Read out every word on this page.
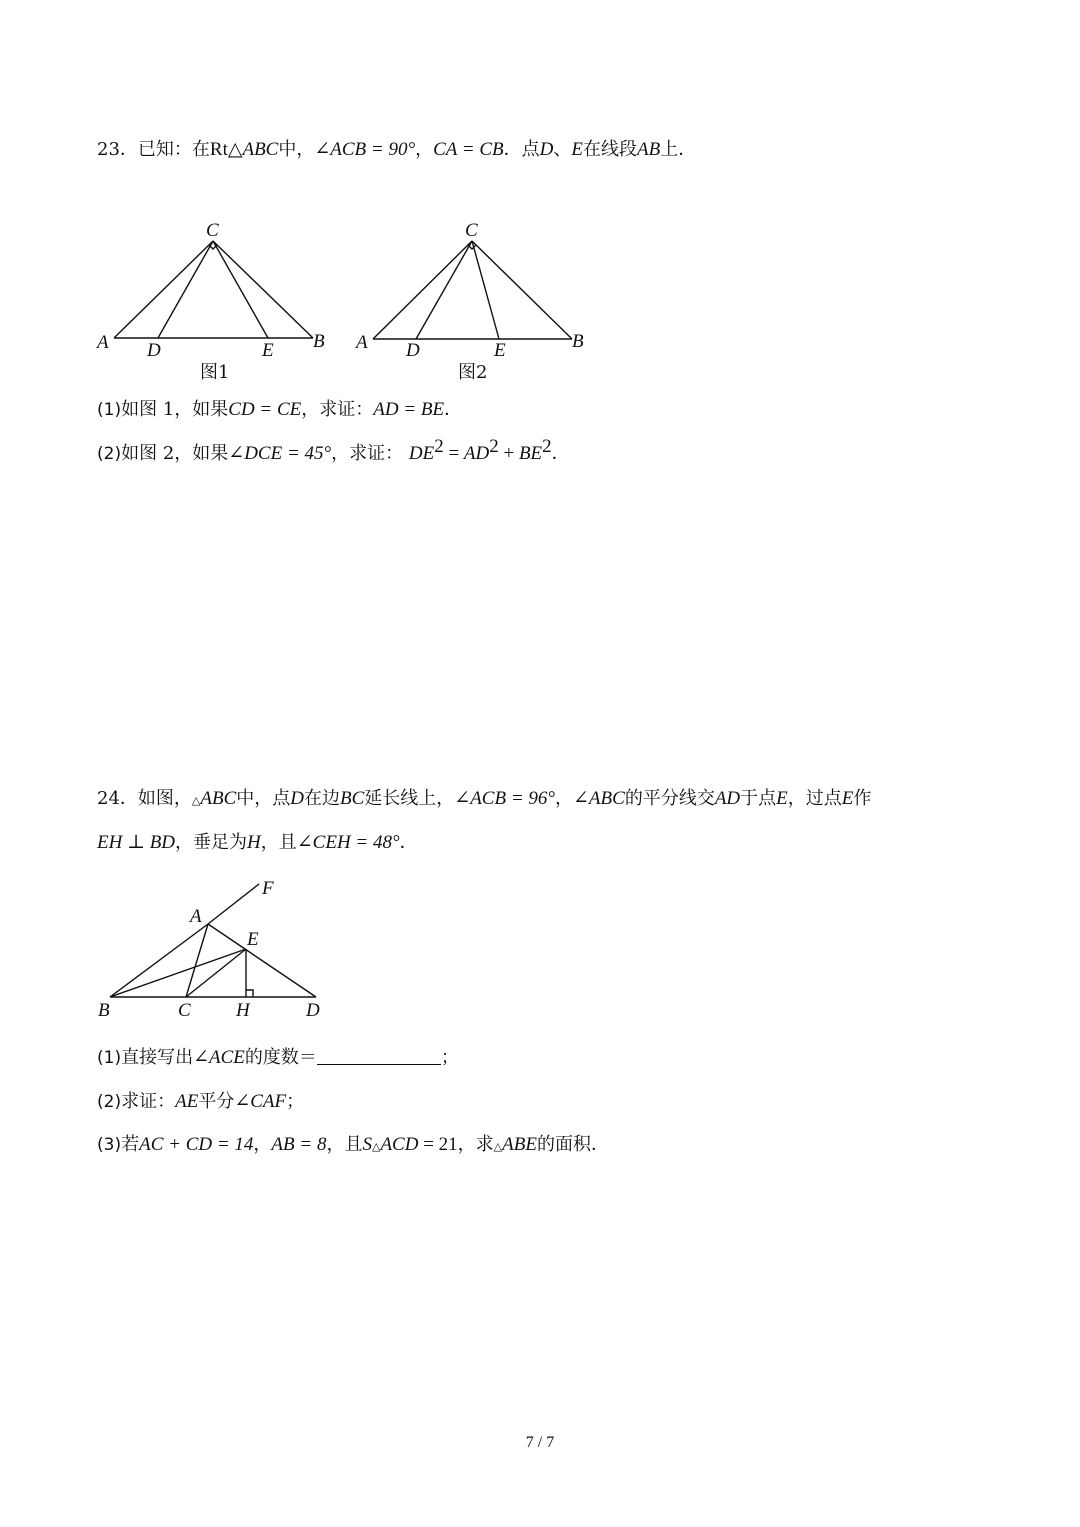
23．已知：在Rt△ABC中，∠ACB = 90°，CA = CB．点D、E在线段AB上．
C
A D	E B
图1
C
A D	E	B
图2
(1)如图 1，如果CD = CE，求证：AD = BE．
(2)如图 2，如果∠DCE = 45°，求证： $DE^2 = AD^2 + BE^2$．
24．如图，△ABC中，点D在边BC延长线上，∠ACB = 96°，∠ABC的平分线交AD于点E，过点E作
EH ⊥ BD，垂足为H，且∠CEH = 48°．
F
A
E
B	C H	D
(1)直接写出∠ACE的度数＝	；
(2)求证：AE平分∠CAF；
(3)若AC + CD = 14，AB = 8，且S△ACD = 21，求△ABE的面积．
7 / 7
